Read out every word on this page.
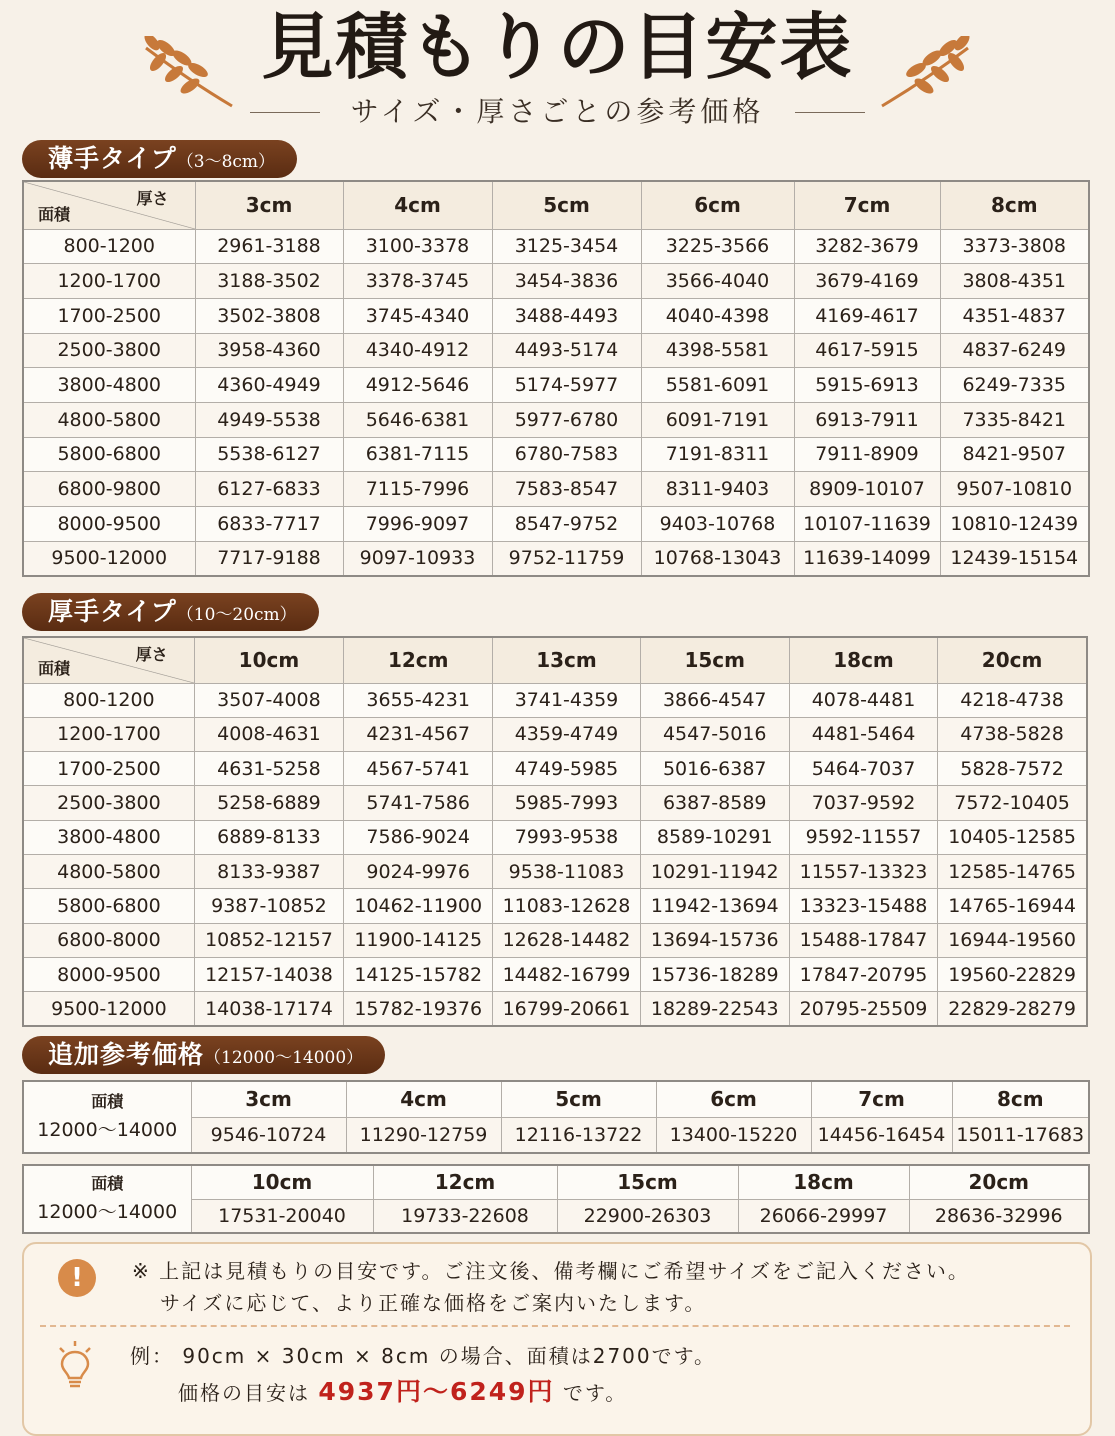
見積もりの目安表
サイズ・厚さごとの参考価格
薄手タイプ（3～8cm）
厚さ
面積	3cm	4cm	5cm	6cm	7cm	8cm
800-1200	2961-3188	3100-3378	3125-3454	3225-3566	3282-3679	3373-3808
1200-1700	3188-3502	3378-3745	3454-3836	3566-4040	3679-4169	3808-4351
1700-2500	3502-3808	3745-4340	3488-4493	4040-4398	4169-4617	4351-4837
2500-3800	3958-4360	4340-4912	4493-5174	4398-5581	4617-5915	4837-6249
3800-4800	4360-4949	4912-5646	5174-5977	5581-6091	5915-6913	6249-7335
4800-5800	4949-5538	5646-6381	5977-6780	6091-7191	6913-7911	7335-8421
5800-6800	5538-6127	6381-7115	6780-7583	7191-8311	7911-8909	8421-9507
6800-9800	6127-6833	7115-7996	7583-8547	8311-9403	8909-10107	9507-10810
8000-9500	6833-7717	7996-9097	8547-9752	9403-10768	10107-11639	10810-12439
9500-12000	7717-9188	9097-10933	9752-11759	10768-13043	11639-14099	12439-15154
厚手タイプ（10～20cm）
厚さ
面積	10cm	12cm	13cm	15cm	18cm	20cm
800-1200	3507-4008	3655-4231	3741-4359	3866-4547	4078-4481	4218-4738
1200-1700	4008-4631	4231-4567	4359-4749	4547-5016	4481-5464	4738-5828
1700-2500	4631-5258	4567-5741	4749-5985	5016-6387	5464-7037	5828-7572
2500-3800	5258-6889	5741-7586	5985-7993	6387-8589	7037-9592	7572-10405
3800-4800	6889-8133	7586-9024	7993-9538	8589-10291	9592-11557	10405-12585
4800-5800	8133-9387	9024-9976	9538-11083	10291-11942	11557-13323	12585-14765
5800-6800	9387-10852	10462-11900	11083-12628	11942-13694	13323-15488	14765-16944
6800-8000	10852-12157	11900-14125	12628-14482	13694-15736	15488-17847	16944-19560
8000-9500	12157-14038	14125-15782	14482-16799	15736-18289	17847-20795	19560-22829
9500-12000	14038-17174	15782-19376	16799-20661	18289-22543	20795-25509	22829-28279
追加参考価格（12000～14000）
面積
12000～14000	3cm	4cm	5cm	6cm	7cm	8cm
	9546-10724	11290-12759	12116-13722	13400-15220	14456-16454	15011-17683
面積
12000～14000	10cm	12cm	15cm	18cm	20cm
	17531-20040	19733-22608	22900-26303	26066-29997	28636-32996
!	※ 上記は見積もりの目安です。ご注文後、備考欄にご希望サイズをご記入ください。
サイズに応じて、より正確な価格をご案内いたします。
例： 90cm × 30cm × 8cm の場合、面積は2700です。
価格の目安は 4937円～6249円 です。
